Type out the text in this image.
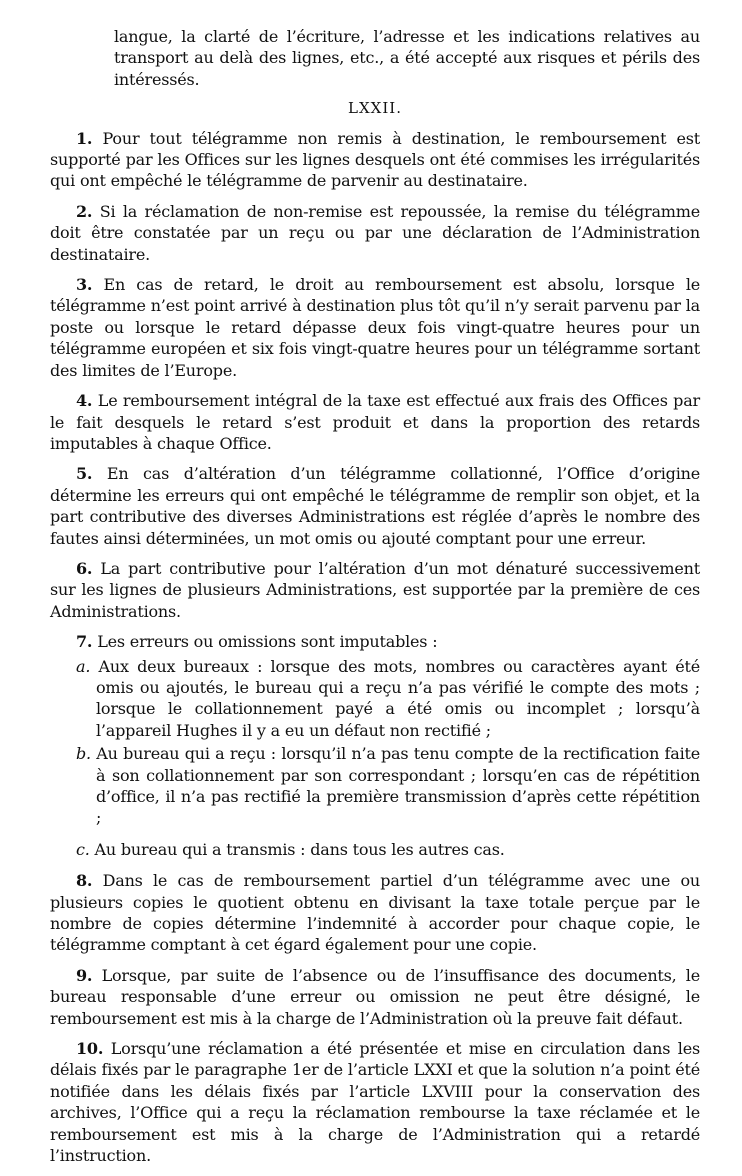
langue, la clarté de l’écriture, l’adresse et les indications relatives au transport au delà des lignes, etc., a été accepté aux risques et périls des intéressés.

LXXII.

1. Pour tout télégramme non remis à destination, le remboursement est supporté par les Offices sur les lignes desquels ont été commises les irrégularités qui ont empêché le télégramme de parvenir au destinataire.

2. Si la réclamation de non-remise est repoussée, la remise du télégramme doit être constatée par un reçu ou par une déclaration de l’Administration destinataire.

3. En cas de retard, le droit au remboursement est absolu, lorsque le télégramme n’est point arrivé à destination plus tôt qu’il n’y serait parvenu par la poste ou lorsque le retard dépasse deux fois vingt-quatre heures pour un télégramme européen et six fois vingt-quatre heures pour un télégramme sortant des limites de l’Europe.

4. Le remboursement intégral de la taxe est effectué aux frais des Offices par le fait desquels le retard s’est produit et dans la proportion des retards imputables à chaque Office.

5. En cas d’altération d’un télégramme collationné, l’Office d’origine détermine les erreurs qui ont empêché le télégramme de remplir son objet, et la part contributive des diverses Administrations est réglée d’après le nombre des fautes ainsi déterminées, un mot omis ou ajouté comptant pour une erreur.

6. La part contributive pour l’altération d’un mot dénaturé successivement sur les lignes de plusieurs Administrations, est supportée par la première de ces Administrations.

7. Les erreurs ou omissions sont imputables :

a. Aux deux bureaux : lorsque des mots, nombres ou caractères ayant été omis ou ajoutés, le bureau qui a reçu n’a pas vérifié le compte des mots ; lorsque le collationnement payé a été omis ou incomplet ; lorsqu’à l’appareil Hughes il y a eu un défaut non rectifié ;

b. Au bureau qui a reçu : lorsqu’il n’a pas tenu compte de la rectification faite à son collationnement par son correspondant ; lorsqu’en cas de répétition d’office, il n’a pas rectifié la première transmission d’après cette répétition ;

c. Au bureau qui a transmis : dans tous les autres cas.

8. Dans le cas de remboursement partiel d’un télégramme avec une ou plusieurs copies le quotient obtenu en divisant la taxe totale perçue par le nombre de copies détermine l’indemnité à accorder pour chaque copie, le télégramme comptant à cet égard également pour une copie.

9. Lorsque, par suite de l’absence ou de l’insuffisance des documents, le bureau responsable d’une erreur ou omission ne peut être désigné, le remboursement est mis à la charge de l’Administration où la preuve fait défaut.

10. Lorsqu’une réclamation a été présentée et mise en circulation dans les délais fixés par le paragraphe 1er de l’article LXXI et que la solution n’a point été notifiée dans les délais fixés par l’article LXVIII pour la conservation des archives, l’Office qui a reçu la réclamation rembourse la taxe réclamée et le remboursement est mis à la charge de l’Administration qui a retardé l’instruction.
